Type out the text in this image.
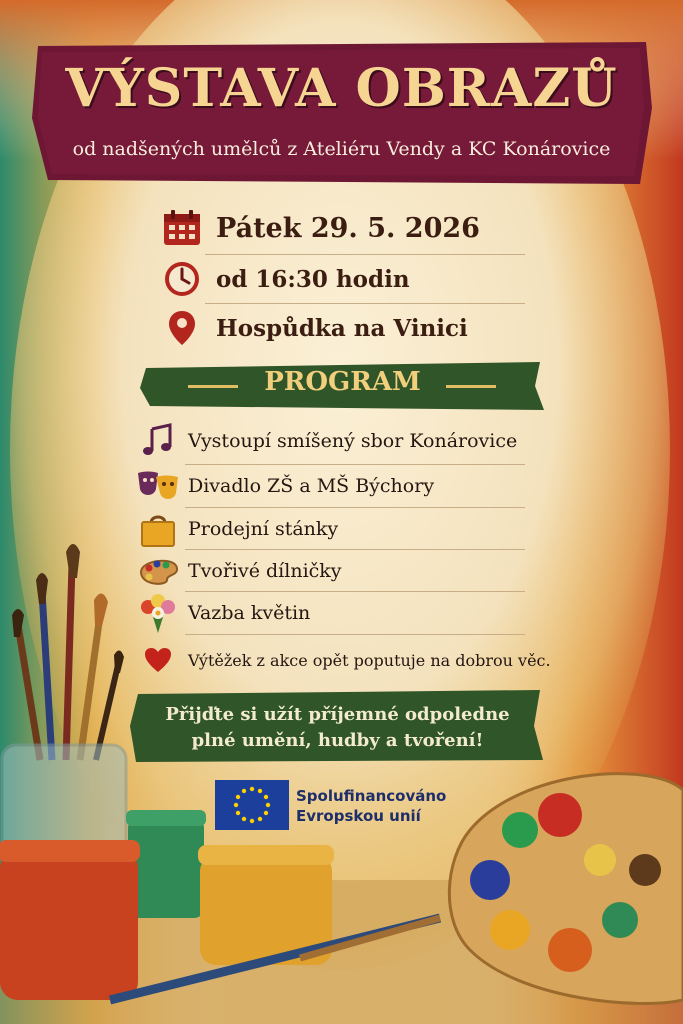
VÝSTAVA OBRAZŮ
od nadšených umělců z Ateliéru Vendy a KC Konárovice
Pátek 29. 5. 2026
od 16:30 hodin
Hospůdka na Vinici
PROGRAM
Vystoupí smíšený sbor Konárovice
Divadlo ZŠ a MŠ Býchory
Prodejní stánky
Tvořivé dílničky
Vazba květin
Výtěžek z akce opět poputuje na dobrou věc.
Přijďte si užít příjemné odpoledne
plné umění, hudby a tvoření!
Spolufinancováno
Evropskou unií
